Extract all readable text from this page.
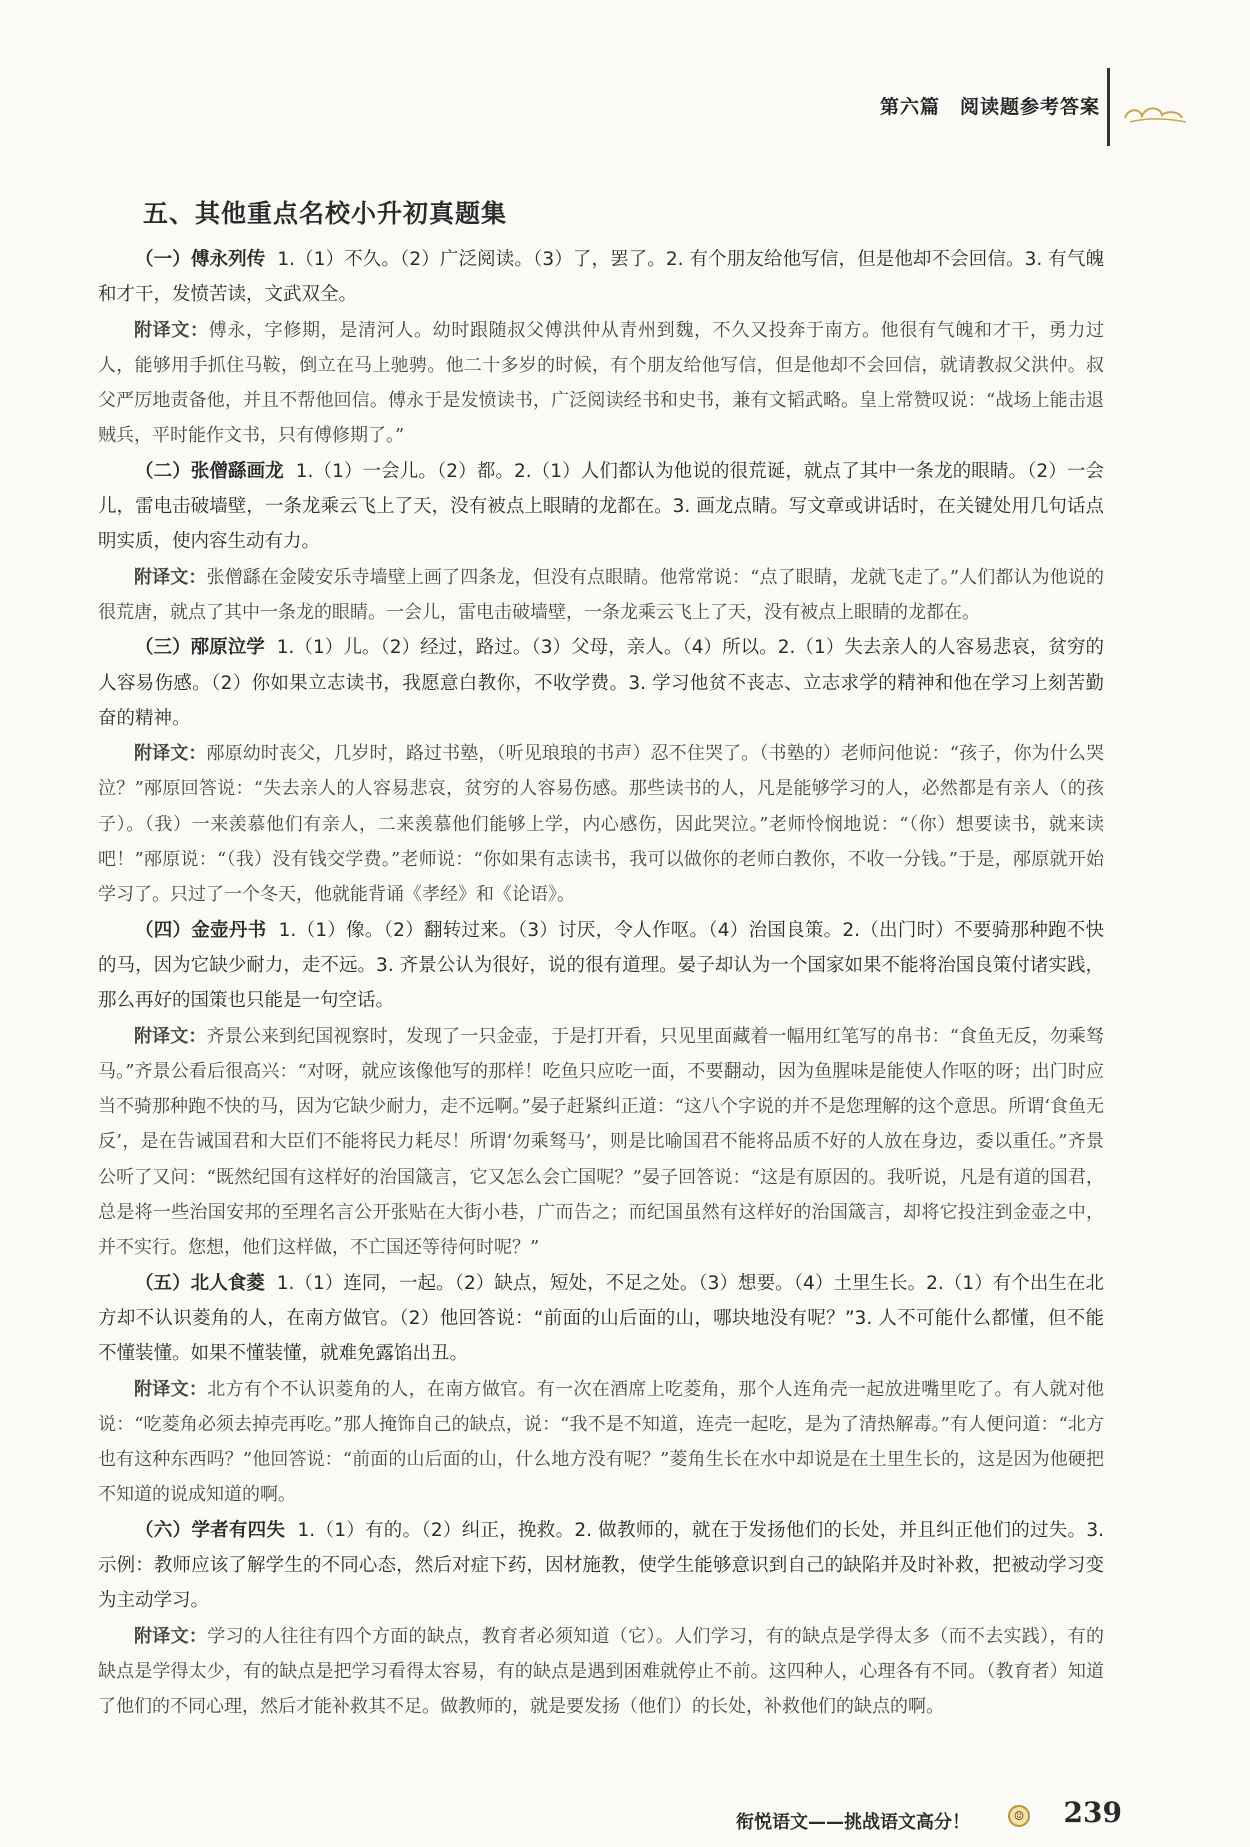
第六篇　阅读题参考答案
五、其他重点名校小升初真题集

（一）傅永列传 1.（1）不久。（2）广泛阅读。（3）了，罢了。2. 有个朋友给他写信，但是他却不会回信。3. 有气魄和才干，发愤苦读，文武双全。

附译文：傅永，字修期，是清河人。幼时跟随叔父傅洪仲从青州到魏，不久又投奔于南方。他很有气魄和才干，勇力过人，能够用手抓住马鞍，倒立在马上驰骋。他二十多岁的时候，有个朋友给他写信，但是他却不会回信，就请教叔父洪仲。叔父严厉地责备他，并且不帮他回信。傅永于是发愤读书，广泛阅读经书和史书，兼有文韬武略。皇上常赞叹说：“战场上能击退贼兵，平时能作文书，只有傅修期了。”

（二）张僧繇画龙 1.（1）一会儿。（2）都。2.（1）人们都认为他说的很荒诞，就点了其中一条龙的眼睛。（2）一会儿，雷电击破墙壁，一条龙乘云飞上了天，没有被点上眼睛的龙都在。3. 画龙点睛。写文章或讲话时，在关键处用几句话点明实质，使内容生动有力。

附译文：张僧繇在金陵安乐寺墙壁上画了四条龙，但没有点眼睛。他常常说：“点了眼睛，龙就飞走了。”人们都认为他说的很荒唐，就点了其中一条龙的眼睛。一会儿，雷电击破墙壁，一条龙乘云飞上了天，没有被点上眼睛的龙都在。

（三）邴原泣学 1.（1）儿。（2）经过，路过。（3）父母，亲人。（4）所以。2.（1）失去亲人的人容易悲哀，贫穷的人容易伤感。（2）你如果立志读书，我愿意白教你，不收学费。3. 学习他贫不丧志、立志求学的精神和他在学习上刻苦勤奋的精神。

附译文：邴原幼时丧父，几岁时，路过书塾，（听见琅琅的书声）忍不住哭了。（书塾的）老师问他说：“孩子，你为什么哭泣？”邴原回答说：“失去亲人的人容易悲哀，贫穷的人容易伤感。那些读书的人，凡是能够学习的人，必然都是有亲人（的孩子）。（我）一来羡慕他们有亲人，二来羡慕他们能够上学，内心感伤，因此哭泣。”老师怜悯地说：“（你）想要读书，就来读吧！”邴原说：“（我）没有钱交学费。”老师说：“你如果有志读书，我可以做你的老师白教你，不收一分钱。”于是，邴原就开始学习了。只过了一个冬天，他就能背诵《孝经》和《论语》。

（四）金壶丹书 1.（1）像。（2）翻转过来。（3）讨厌，令人作呕。（4）治国良策。2.（出门时）不要骑那种跑不快的马，因为它缺少耐力，走不远。3. 齐景公认为很好，说的很有道理。晏子却认为一个国家如果不能将治国良策付诸实践，那么再好的国策也只能是一句空话。

附译文：齐景公来到纪国视察时，发现了一只金壶，于是打开看，只见里面藏着一幅用红笔写的帛书：“食鱼无反，勿乘驽马。”齐景公看后很高兴：“对呀，就应该像他写的那样！吃鱼只应吃一面，不要翻动，因为鱼腥味是能使人作呕的呀；出门时应当不骑那种跑不快的马，因为它缺少耐力，走不远啊。”晏子赶紧纠正道：“这八个字说的并不是您理解的这个意思。所谓‘食鱼无反’，是在告诫国君和大臣们不能将民力耗尽！所谓‘勿乘驽马’，则是比喻国君不能将品质不好的人放在身边，委以重任。”齐景公听了又问：“既然纪国有这样好的治国箴言，它又怎么会亡国呢？”晏子回答说：“这是有原因的。我听说，凡是有道的国君，总是将一些治国安邦的至理名言公开张贴在大街小巷，广而告之；而纪国虽然有这样好的治国箴言，却将它投注到金壶之中，并不实行。您想，他们这样做，不亡国还等待何时呢？”

（五）北人食菱 1.（1）连同，一起。（2）缺点，短处，不足之处。（3）想要。（4）土里生长。2.（1）有个出生在北方却不认识菱角的人，在南方做官。（2）他回答说：“前面的山后面的山，哪块地没有呢？”3. 人不可能什么都懂，但不能不懂装懂。如果不懂装懂，就难免露馅出丑。

附译文：北方有个不认识菱角的人，在南方做官。有一次在酒席上吃菱角，那个人连角壳一起放进嘴里吃了。有人就对他说：“吃菱角必须去掉壳再吃。”那人掩饰自己的缺点，说：“我不是不知道，连壳一起吃，是为了清热解毒。”有人便问道：“北方也有这种东西吗？”他回答说：“前面的山后面的山，什么地方没有呢？”菱角生长在水中却说是在土里生长的，这是因为他硬把不知道的说成知道的啊。

（六）学者有四失 1.（1）有的。（2）纠正，挽救。2. 做教师的，就在于发扬他们的长处，并且纠正他们的过失。3. 示例：教师应该了解学生的不同心态，然后对症下药，因材施教，使学生能够意识到自己的缺陷并及时补救，把被动学习变为主动学习。

附译文：学习的人往往有四个方面的缺点，教育者必须知道（它）。人们学习，有的缺点是学得太多（而不去实践），有的缺点是学得太少，有的缺点是把学习看得太容易，有的缺点是遇到困难就停止不前。这四种人，心理各有不同。（教育者）知道了他们的不同心理，然后才能补救其不足。做教师的，就是要发扬（他们）的长处，补救他们的缺点的啊。

衔悦语文——挑战语文高分！	☺ 239
